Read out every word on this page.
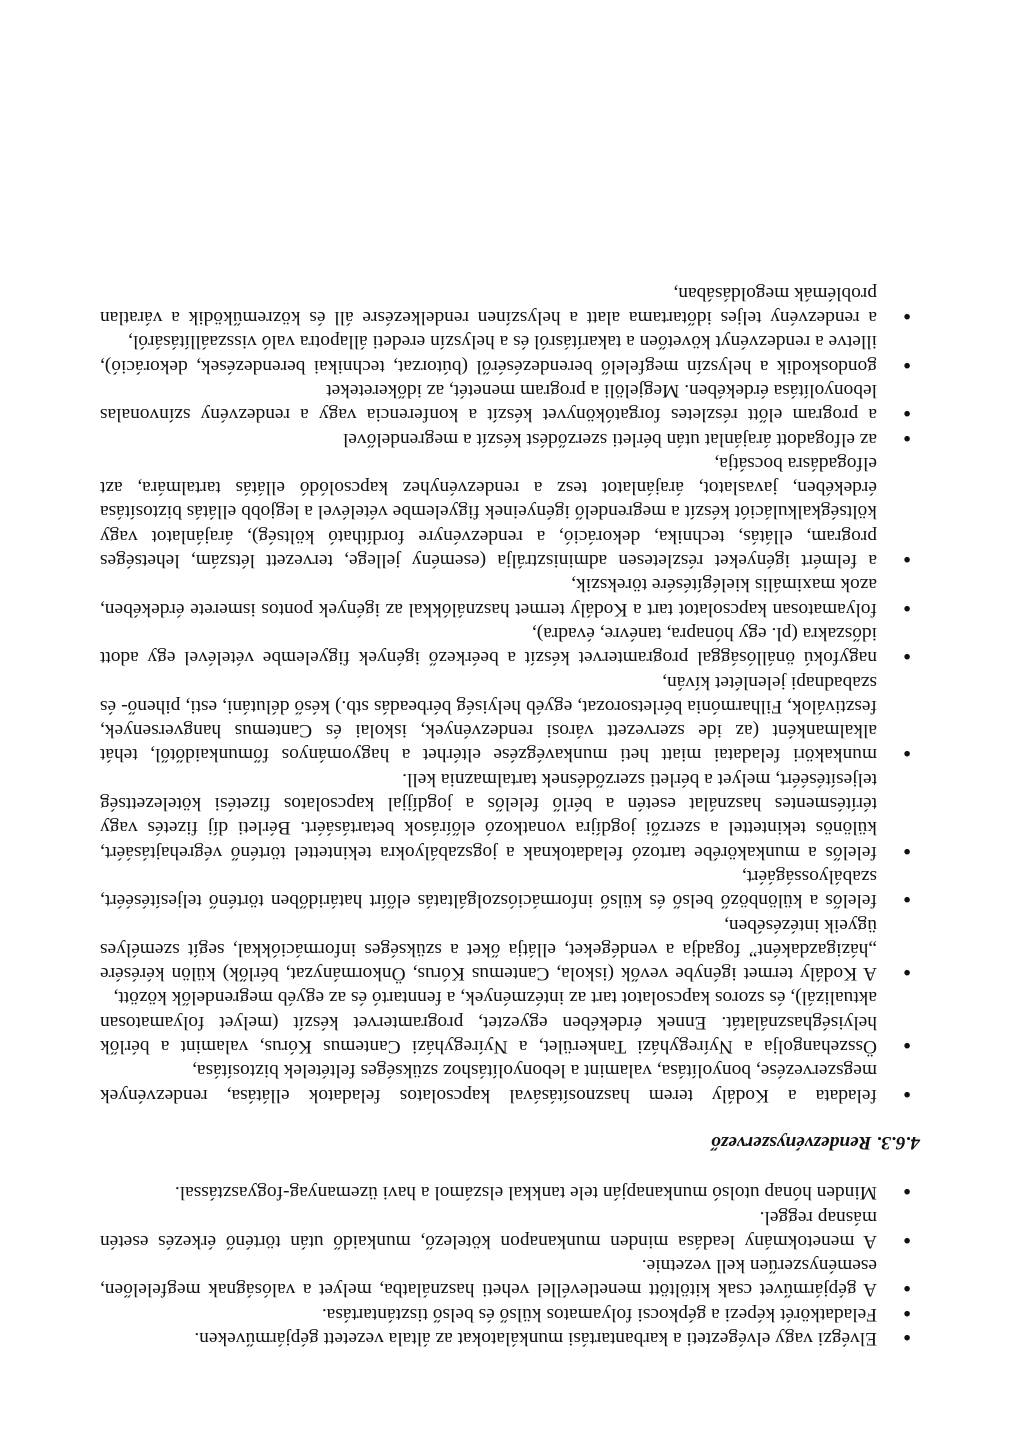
●
Elvégzi vagy elvégezteti a karbantartási munkálatokat az általa vezetett gépjárműveken.
●
Feladatkörét képezi a gépkocsi folyamatos külső és belső tisztántartása.
●
A gépjárművet csak kitöltött menetlevéllel veheti használatba, melyet a valóságnak megfelelően, eseményszerűen kell vezetnie.
●
A menetokmány leadása minden munkanapon kötelező, munkaidő után történő érkezés esetén másnap reggel.
●
Minden hónap utolsó munkanapján tele tankkal elszámol a havi üzemanyag-fogyasztással.
4.6.3. Rendezvényszervező
●
feladata a Kodály terem hasznosításával kapcsolatos feladatok ellátása, rendezvények megszervezése, bonyolítása, valamint a lebonyolításhoz szükséges feltételek biztosítása,
●
Összehangolja a Nyíregyházi Tankerület, a Nyíregyházi Cantemus Kórus, valamint a bérlők helyiséghasználatát. Ennek érdekében egyeztet, programtervet készít (melyet folyamatosan aktualizál), és szoros kapcsolatot tart az intézmények, a fenntartó és az egyéb megrendelők között,
●
A Kodály termet igénybe vevők (iskola, Cantemus Kórus, Önkormányzat, bérlők) külön kérésére „házigazdaként” fogadja a vendégeket, ellátja őket a szükséges információkkal, segít személyes ügyeik intézésében,
●
felelős a különböző belső és külső információszolgáltatás előírt határidőben történő teljesítéséért, szabályosságáért,
●
felelős a munkakörébe tartozó feladatoknak a jogszabályokra tekintettel történő végrehajtásáért, különös tekintettel a szerzői jogdíjra vonatkozó előírások betartásáért. Bérleti díj fizetés vagy térítésmentes használat esetén a bérlő felelős a jogdíjjal kapcsolatos fizetési kötelezettség teljesítéséért, melyet a bérleti szerződésnek tartalmaznia kell.
●
munkaköri feladatai miatt heti munkavégzése eltérhet a hagyományos főmunkaidőtől, tehát alkalmanként (az ide szervezett városi rendezvények, iskolai és Cantemus hangversenyek, fesztiválok, Filharmónia bérletsorozat, egyéb helyiség bérbeadás stb.) késő délutáni, esti, pihenő- és szabadnapi jelenlétet kíván,
●
nagyfokú önállósággal programtervet készít a beérkező igények figyelembe vételével egy adott időszakra (pl. egy hónapra, tanévre, évadra),
●
folyamatosan kapcsolatot tart a Kodály termet használókkal az igények pontos ismerete érdekében, azok maximális kielégítésére törekszik,
●
a felmért igényeket részletesen adminisztrálja (esemény jellege, tervezett létszám, lehetséges program, ellátás, technika, dekoráció, a rendezvényre fordítható költség), árajánlatot vagy költségkalkulációt készít a megrendelő igényeinek figyelembe vételével a legjobb ellátás biztosítása érdekében, javaslatot, árajánlatot tesz a rendezvényhez kapcsolódó ellátás tartalmára, azt elfogadásra bocsátja,
●
az elfogadott árajánlat után bérleti szerződést készít a megrendelővel
●
a program előtt részletes forgatókönyvet készít a konferencia vagy a rendezvény színvonalas lebonyolítása érdekében. Megjelöli a program menetét, az időkereteket
●
gondoskodik a helyszín megfelelő berendezéséről (bútorzat, technikai berendezések, dekoráció), illetve a rendezvényt követően a takarításról és a helyszín eredeti állapotra való visszaállításáról,
●
a rendezvény teljes időtartama alatt a helyszínen rendelkezésre áll és közreműködik a váratlan problémák megoldásában,
